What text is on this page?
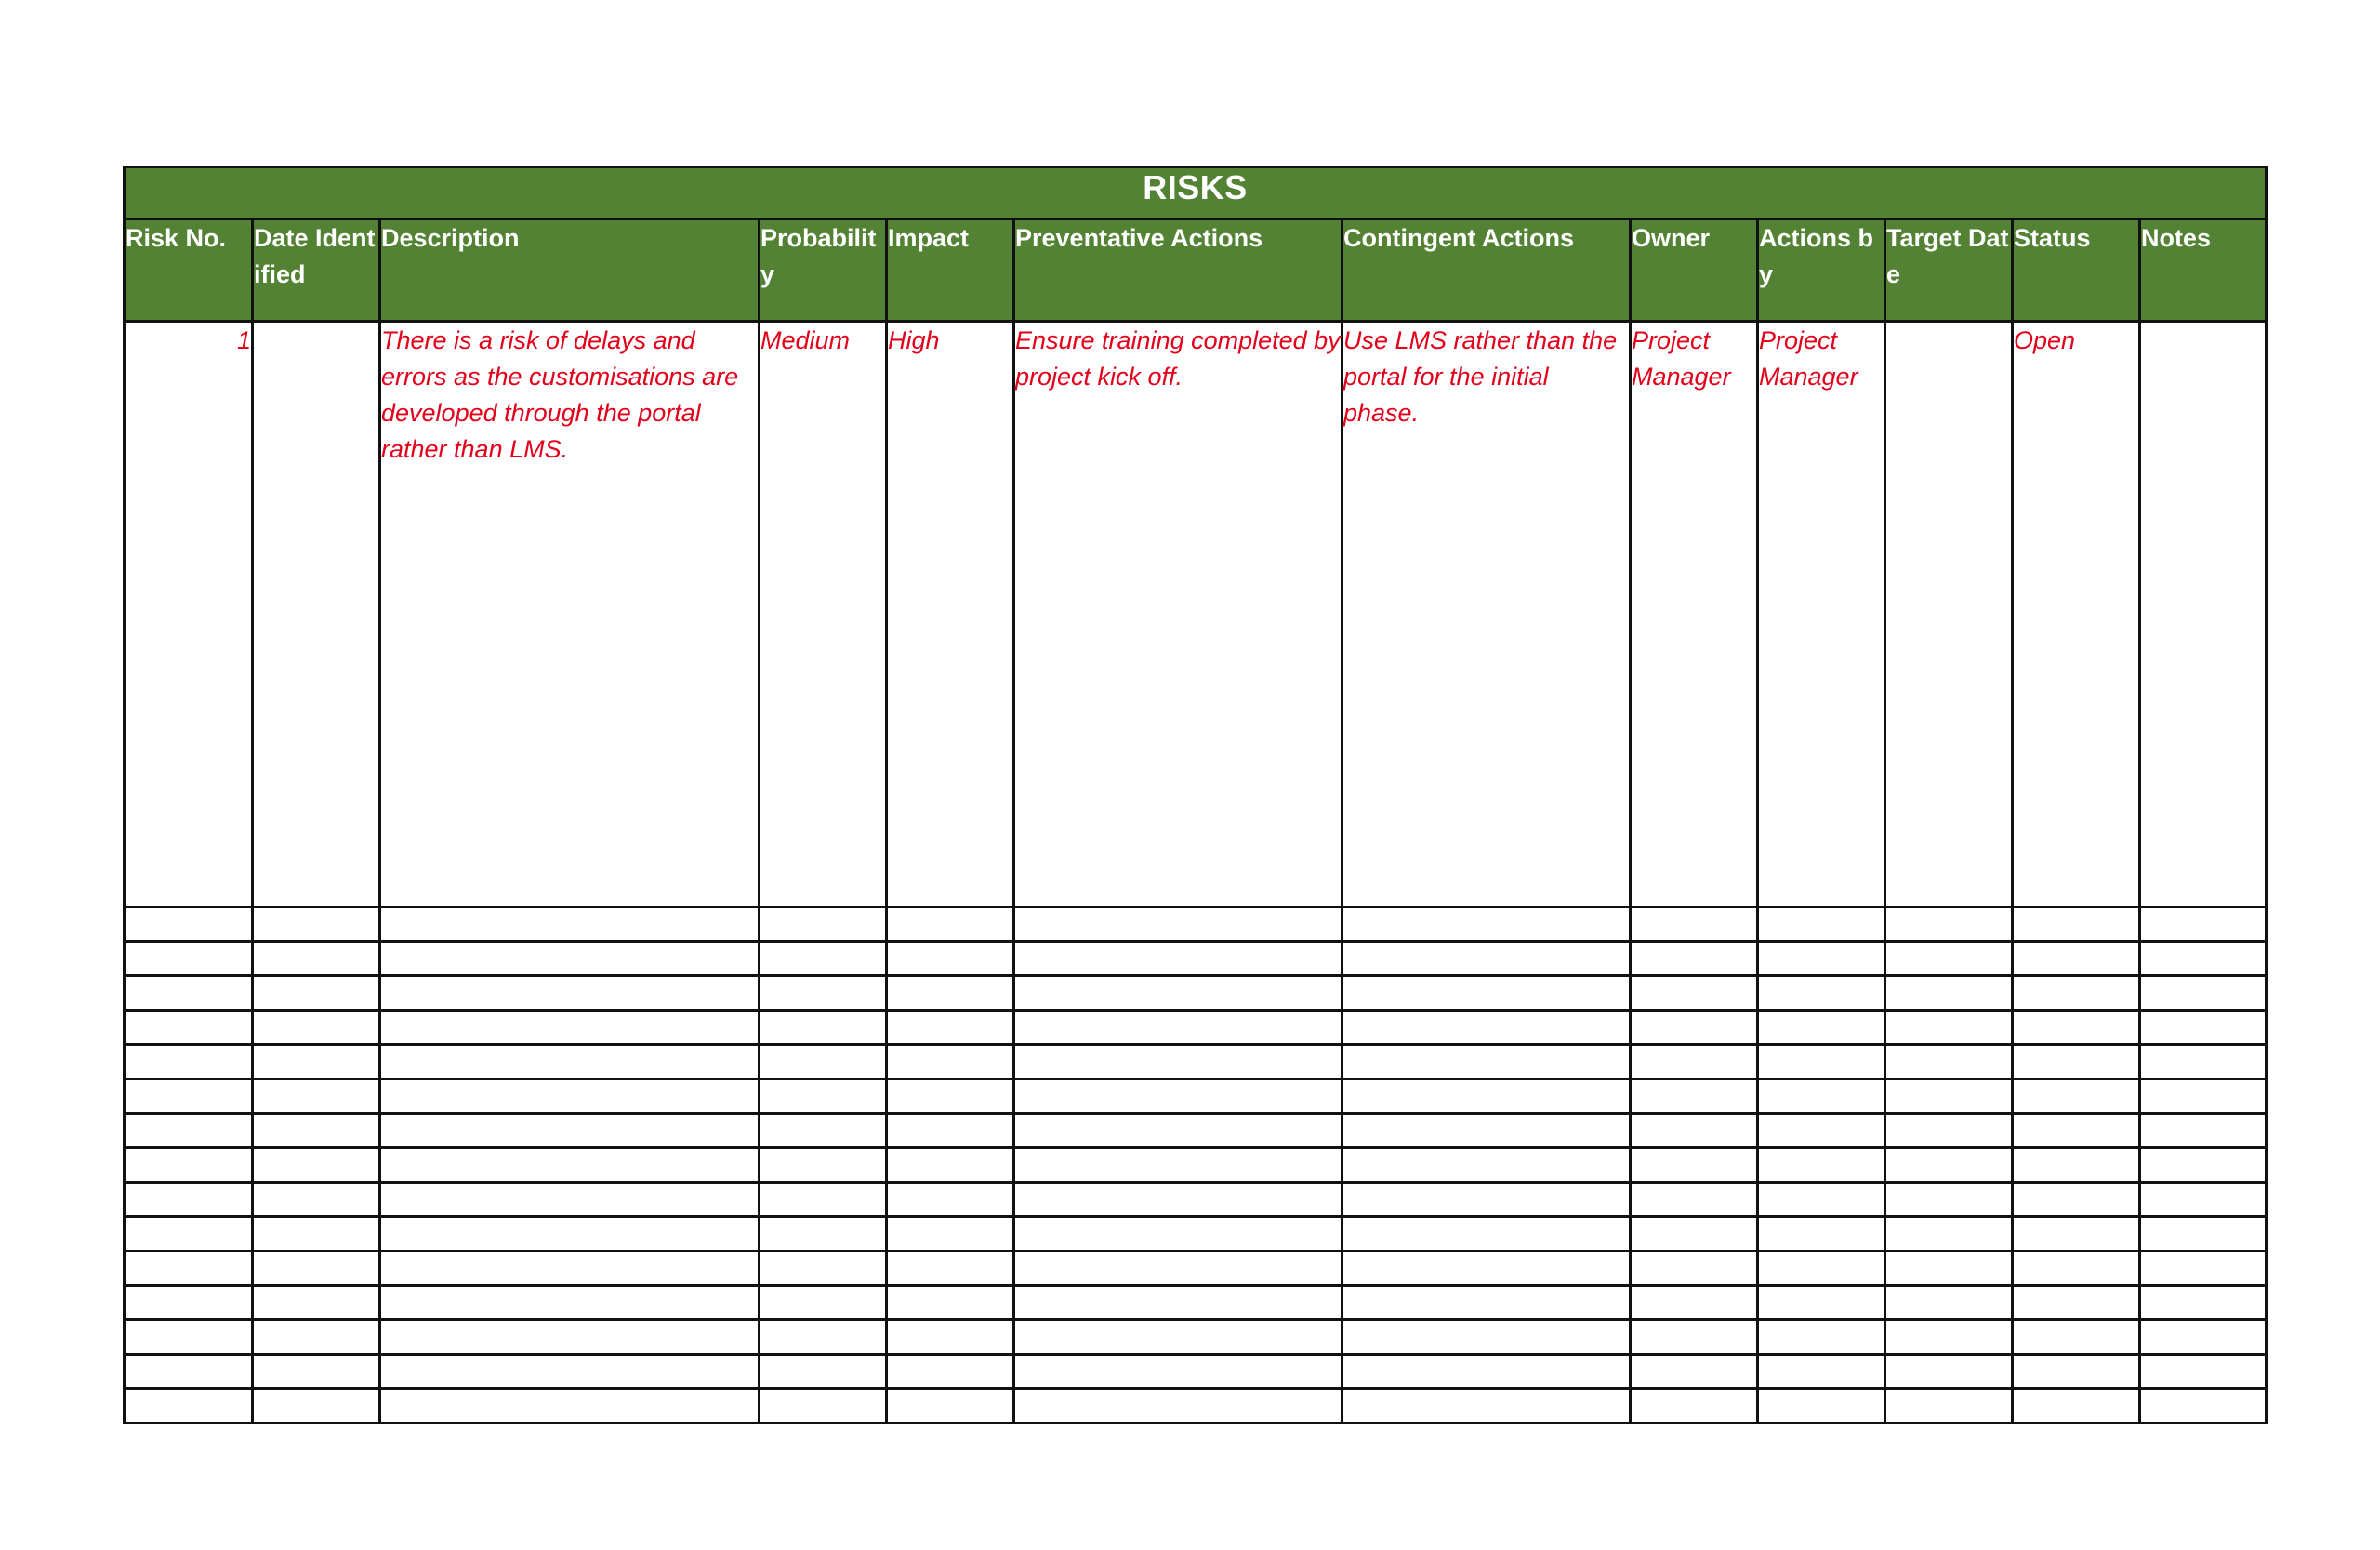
RISKS											
Risk No.	Date Identified	Description	Probability	Impact	Preventative Actions	Contingent Actions	Owner	Actions by	Target Date	Status	Notes
1		There is a risk of delays and errors as the customisations are developed through the portal rather than LMS.	Medium	High	Ensure training completed by project kick off.	Use LMS rather than the portal for the initial phase.	Project Manager	Project Manager		Open	
